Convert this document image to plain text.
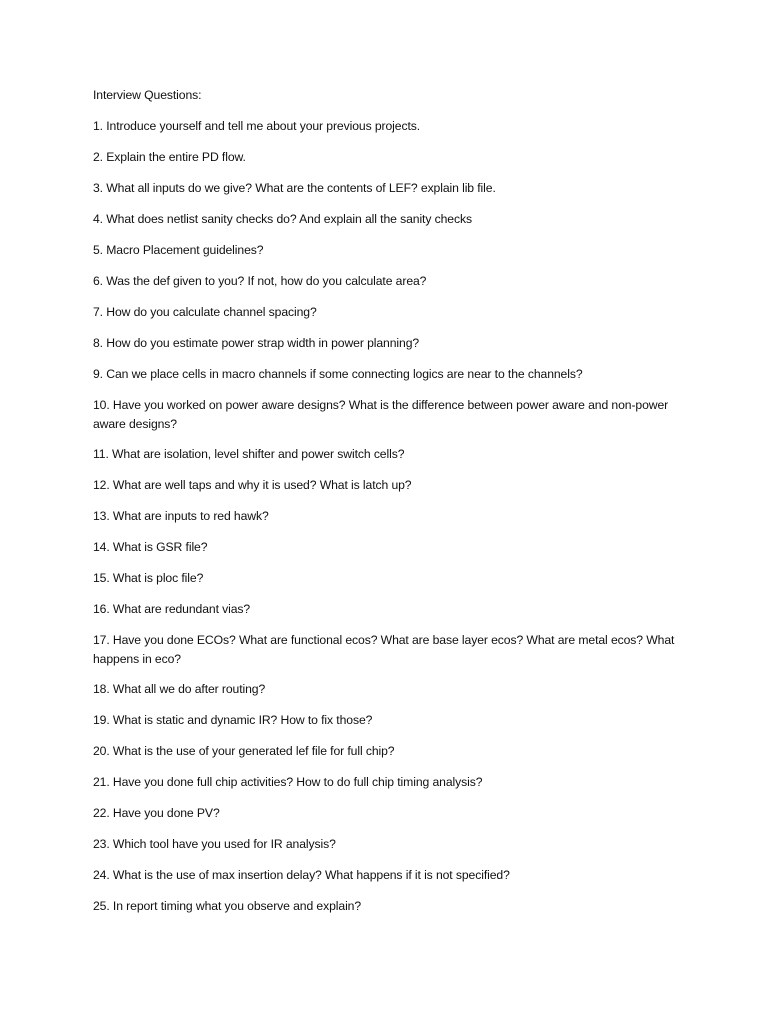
Interview Questions:
1. Introduce yourself and tell me about your previous projects.
2. Explain the entire PD flow.
3. What all inputs do we give? What are the contents of LEF? explain lib file.
4. What does netlist sanity checks do? And explain all the sanity checks
5. Macro Placement guidelines?
6. Was the def given to you? If not, how do you calculate area?
7. How do you calculate channel spacing?
8. How do you estimate power strap width in power planning?
9. Can we place cells in macro channels if some connecting logics are near to the channels?
10. Have you worked on power aware designs? What is the difference between power aware and non-power aware designs?
11. What are isolation, level shifter and power switch cells?
12. What are well taps and why it is used? What is latch up?
13. What are inputs to red hawk?
14. What is GSR file?
15. What is ploc file?
16. What are redundant vias?
17. Have you done ECOs? What are functional ecos? What are base layer ecos? What are metal ecos? What happens in eco?
18. What all we do after routing?
19. What is static and dynamic IR? How to fix those?
20. What is the use of your generated lef file for full chip?
21. Have you done full chip activities? How to do full chip timing analysis?
22. Have you done PV?
23. Which tool have you used for IR analysis?
24. What is the use of max insertion delay? What happens if it is not specified?
25. In report timing what you observe and explain?
